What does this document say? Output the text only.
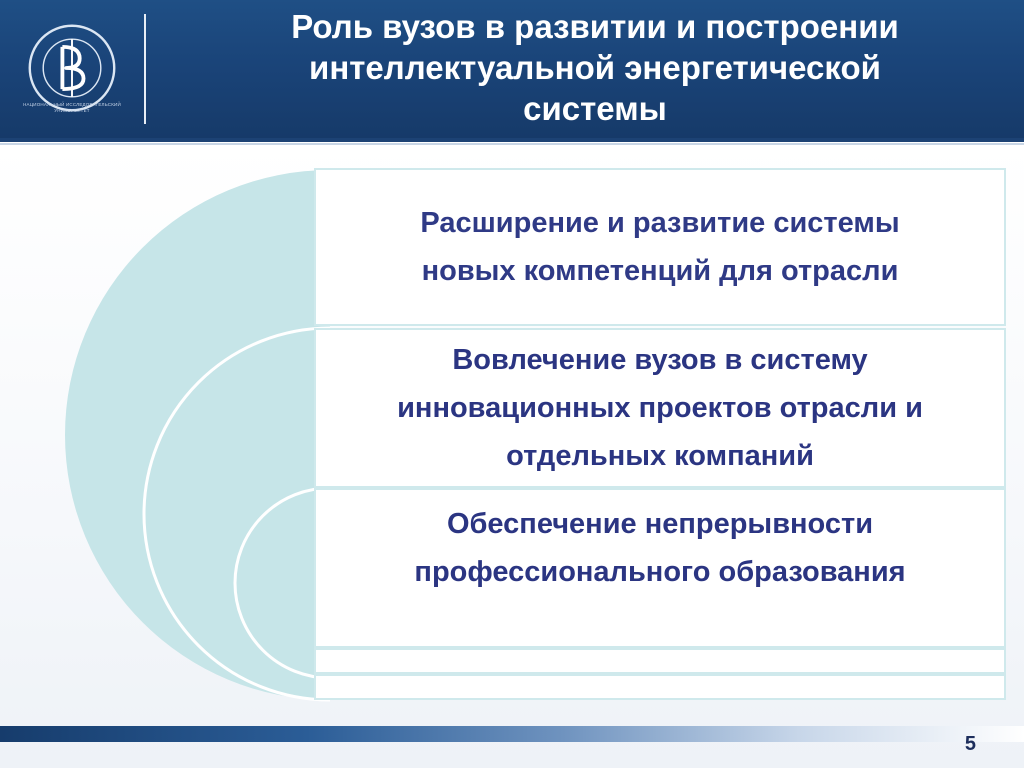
НАЦИОНАЛЬНЫЙ ИССЛЕДОВАТЕЛЬСКИЙ УНИВЕРСИТЕТ
Роль вузов в развитии и построении
интеллектуальной энергетической
системы
Расширение и развитие системы
новых компетенций для отрасли
Вовлечение вузов в систему
инновационных проектов отрасли и
отдельных компаний
Обеспечение непрерывности
профессионального образования
5
